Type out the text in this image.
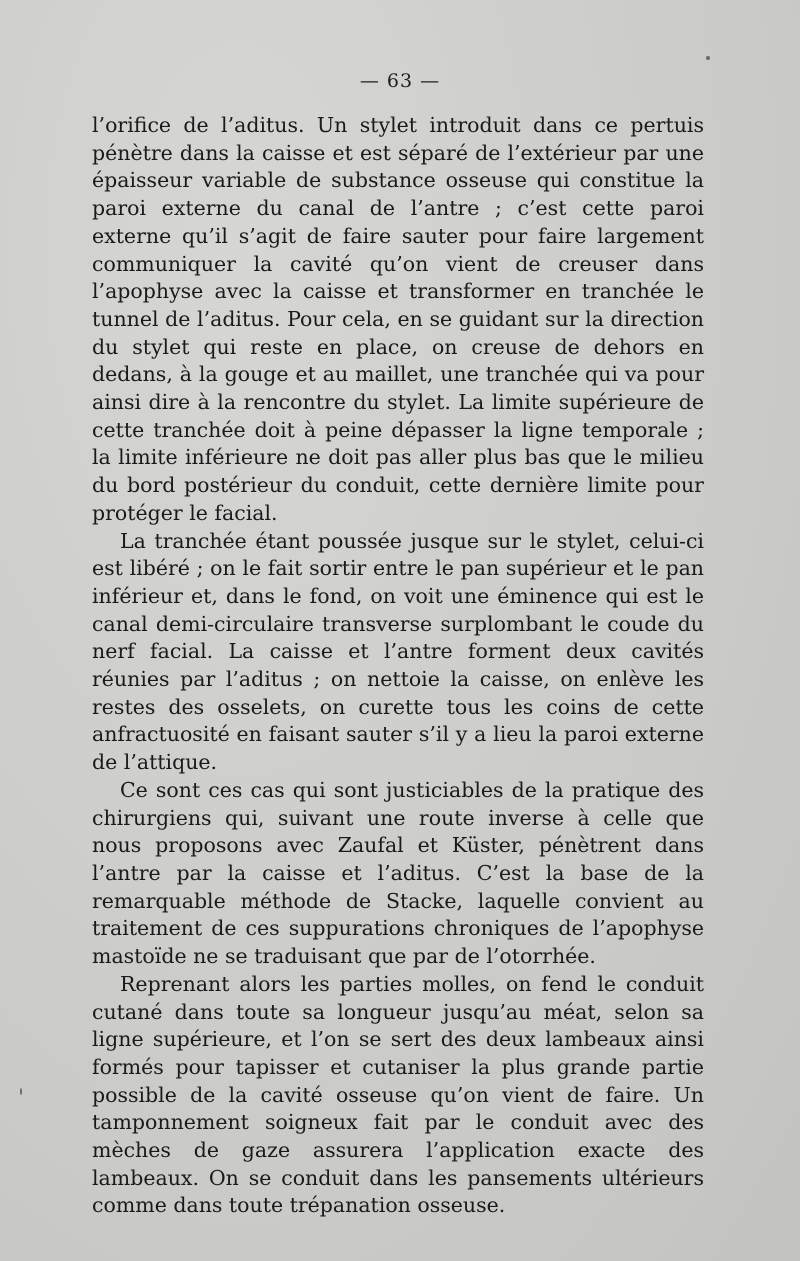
— 63 —

l’orifice de l’aditus. Un stylet introduit dans ce pertuis pénètre dans la caisse et est séparé de l’extérieur par une épaisseur variable de substance osseuse qui constitue la paroi externe du canal de l’antre ; c’est cette paroi externe qu’il s’agit de faire sauter pour faire largement communiquer la cavité qu’on vient de creuser dans l’apophyse avec la caisse et transformer en tranchée le tunnel de l’aditus. Pour cela, en se guidant sur la direction du stylet qui reste en place, on creuse de dehors en dedans, à la gouge et au maillet, une tranchée qui va pour ainsi dire à la rencontre du stylet. La limite supérieure de cette tranchée doit à peine dépasser la ligne temporale ; la limite inférieure ne doit pas aller plus bas que le milieu du bord postérieur du conduit, cette dernière limite pour protéger le facial.

La tranchée étant poussée jusque sur le stylet, celui-ci est libéré ; on le fait sortir entre le pan supérieur et le pan inférieur et, dans le fond, on voit une éminence qui est le canal demi-circulaire transverse surplombant le coude du nerf facial. La caisse et l’antre forment deux cavités réunies par l’aditus ; on nettoie la caisse, on enlève les restes des osselets, on curette tous les coins de cette anfractuosité en faisant sauter s’il y a lieu la paroi externe de l’attique.

Ce sont ces cas qui sont justiciables de la pratique des chirurgiens qui, suivant une route inverse à celle que nous proposons avec Zaufal et Küster, pénètrent dans l’antre par la caisse et l’aditus. C’est la base de la remarquable méthode de Stacke, laquelle convient au traitement de ces suppurations chroniques de l’apophyse mastoïde ne se traduisant que par de l’otorrhée.

Reprenant alors les parties molles, on fend le conduit cutané dans toute sa longueur jusqu’au méat, selon sa ligne supérieure, et l’on se sert des deux lambeaux ainsi formés pour tapisser et cutaniser la plus grande partie possible de la cavité osseuse qu’on vient de faire. Un tamponnement soigneux fait par le conduit avec des mèches de gaze assurera l’application exacte des lambeaux. On se conduit dans les pansements ultérieurs comme dans toute trépanation osseuse.
